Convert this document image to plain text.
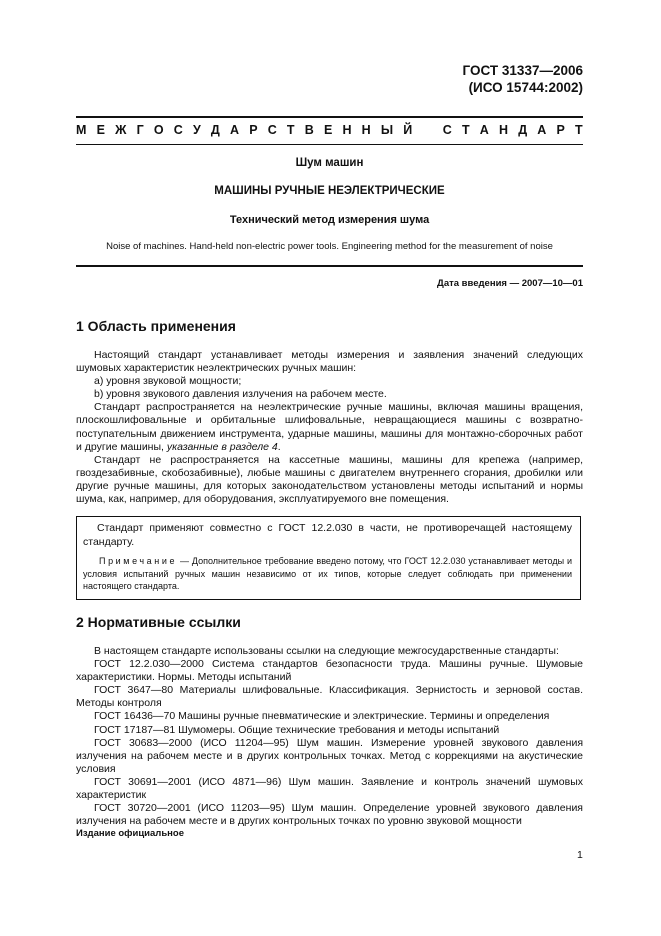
ГОСТ 31337—2006
(ИСО 15744:2002)
М Е Ж Г О С У Д А Р С Т В Е Н Н Ы Й С Т А Н Д А Р Т
Шум машин
МАШИНЫ РУЧНЫЕ НЕЭЛЕКТРИЧЕСКИЕ
Технический метод измерения шума
Noise of machines. Hand-held non-electric power tools. Engineering method for the measurement of noise
Дата введения — 2007—10—01
1 Область применения

Настоящий стандарт устанавливает методы измерения и заявления значений следующих шумовых характеристик неэлектрических ручных машин:

a) уровня звуковой мощности;

b) уровня звукового давления излучения на рабочем месте.

Стандарт распространяется на неэлектрические ручные машины, включая машины вращения, плоскошлифовальные и орбитальные шлифовальные, невращающиеся машины с возвратно-поступательным движением инструмента, ударные машины, машины для монтажно-сборочных работ и другие машины, указанные в разделе 4.

Стандарт не распространяется на кассетные машины, машины для крепежа (например, гвоздезабивные, скобозабивные), любые машины с двигателем внутреннего сгорания, дробилки или другие ручные машины, для которых законодательством установлены методы испытаний и нормы шума, как, например, для оборудования, эксплуатируемого вне помещения.

Стандарт применяют совместно с ГОСТ 12.2.030 в части, не противоречащей настоящему стандарту.
Примечание — Дополнительное требование введено потому, что ГОСТ 12.2.030 устанавливает методы и условия испытаний ручных машин независимо от их типов, которые следует соблюдать при применении настоящего стандарта.
2 Нормативные ссылки

В настоящем стандарте использованы ссылки на следующие межгосударственные стандарты:

ГОСТ 12.2.030—2000 Система стандартов безопасности труда. Машины ручные. Шумовые характеристики. Нормы. Методы испытаний

ГОСТ 3647—80 Материалы шлифовальные. Классификация. Зернистость и зерновой состав. Методы контроля

ГОСТ 16436—70 Машины ручные пневматические и электрические. Термины и определения

ГОСТ 17187—81 Шумомеры. Общие технические требования и методы испытаний

ГОСТ 30683—2000 (ИСО 11204—95) Шум машин. Измерение уровней звукового давления излучения на рабочем месте и в других контрольных точках. Метод с коррекциями на акустические условия

ГОСТ 30691—2001 (ИСО 4871—96) Шум машин. Заявление и контроль значений шумовых характеристик

ГОСТ 30720—2001 (ИСО 11203—95) Шум машин. Определение уровней звукового давления излучения на рабочем месте и в других контрольных точках по уровню звуковой мощности

Издание официальное
1
